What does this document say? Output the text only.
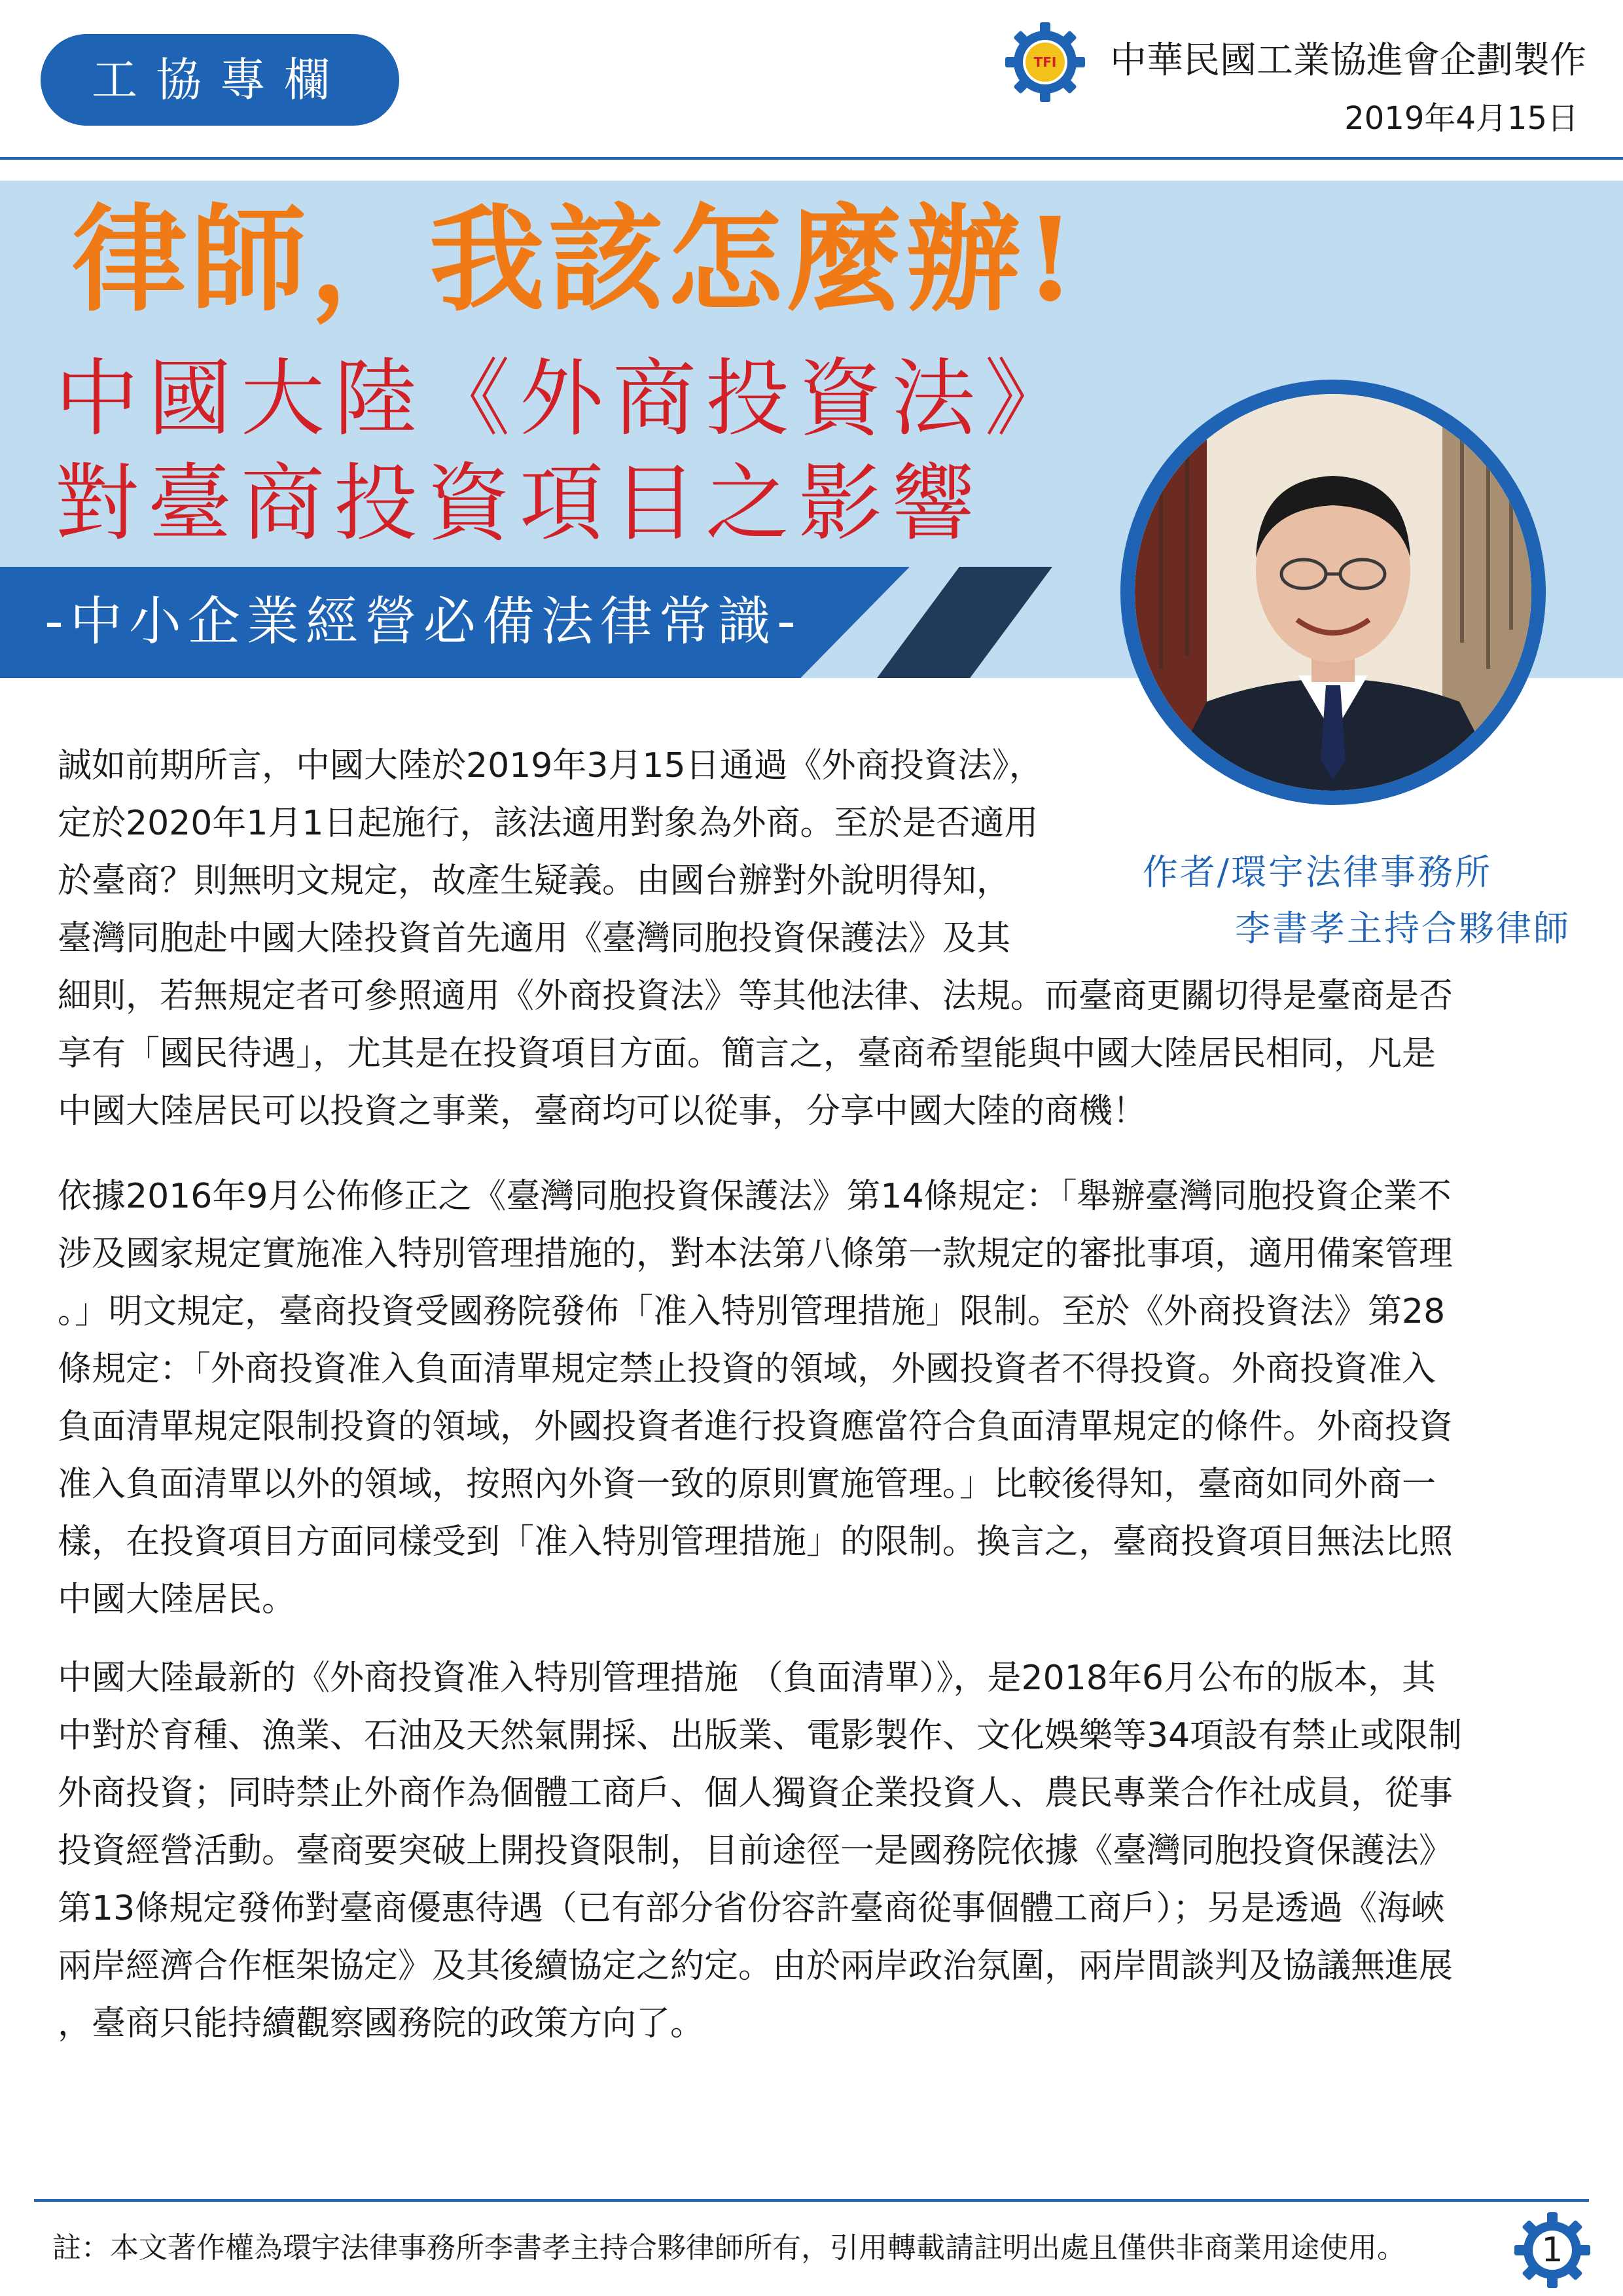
工協專欄	TFI 中華民國工業協進會企劃製作
2019年4月15日
律師，我該怎麼辦!
中國大陸《外商投資法》
對臺商投資項目之影響
-中小企業經營必備法律常識-
作者/環宇法律事務所
李書孝主持合夥律師
誠如前期所言，中國大陸於2019年3月15日通過《外商投資法》，
定於2020年1月1日起施行，該法適用對象為外商。至於是否適用
於臺商？則無明文規定，故產生疑義。由國台辦對外說明得知，
臺灣同胞赴中國大陸投資首先適用《臺灣同胞投資保護法》及其
細則，若無規定者可參照適用《外商投資法》等其他法律、法規。而臺商更關切得是臺商是否
享有「國民待遇」，尤其是在投資項目方面。簡言之，臺商希望能與中國大陸居民相同，凡是
中國大陸居民可以投資之事業，臺商均可以從事，分享中國大陸的商機！
依據2016年9月公佈修正之《臺灣同胞投資保護法》第14條規定：「舉辦臺灣同胞投資企業不
涉及國家規定實施准入特別管理措施的，對本法第八條第一款規定的審批事項，適用備案管理
。」明文規定，臺商投資受國務院發佈「准入特別管理措施」限制。至於《外商投資法》第28
條規定：「外商投資准入負面清單規定禁止投資的領域，外國投資者不得投資。外商投資准入
負面清單規定限制投資的領域，外國投資者進行投資應當符合負面清單規定的條件。外商投資
准入負面清單以外的領域，按照內外資一致的原則實施管理。」比較後得知，臺商如同外商一
樣，在投資項目方面同樣受到「准入特別管理措施」的限制。換言之，臺商投資項目無法比照
中國大陸居民。
中國大陸最新的《外商投資准入特別管理措施 （負面清單）》，是2018年6月公布的版本，其
中對於育種、漁業、石油及天然氣開採、出版業、電影製作、文化娛樂等34項設有禁止或限制
外商投資；同時禁止外商作為個體工商戶、個人獨資企業投資人、農民專業合作社成員，從事
投資經營活動。臺商要突破上開投資限制，目前途徑一是國務院依據《臺灣同胞投資保護法》
第13條規定發佈對臺商優惠待遇（已有部分省份容許臺商從事個體工商戶）；另是透過《海峽
兩岸經濟合作框架協定》及其後續協定之約定。由於兩岸政治氛圍，兩岸間談判及協議無進展
，臺商只能持續觀察國務院的政策方向了。
註：本文著作權為環宇法律事務所李書孝主持合夥律師所有，引用轉載請註明出處且僅供非商業用途使用。	1
